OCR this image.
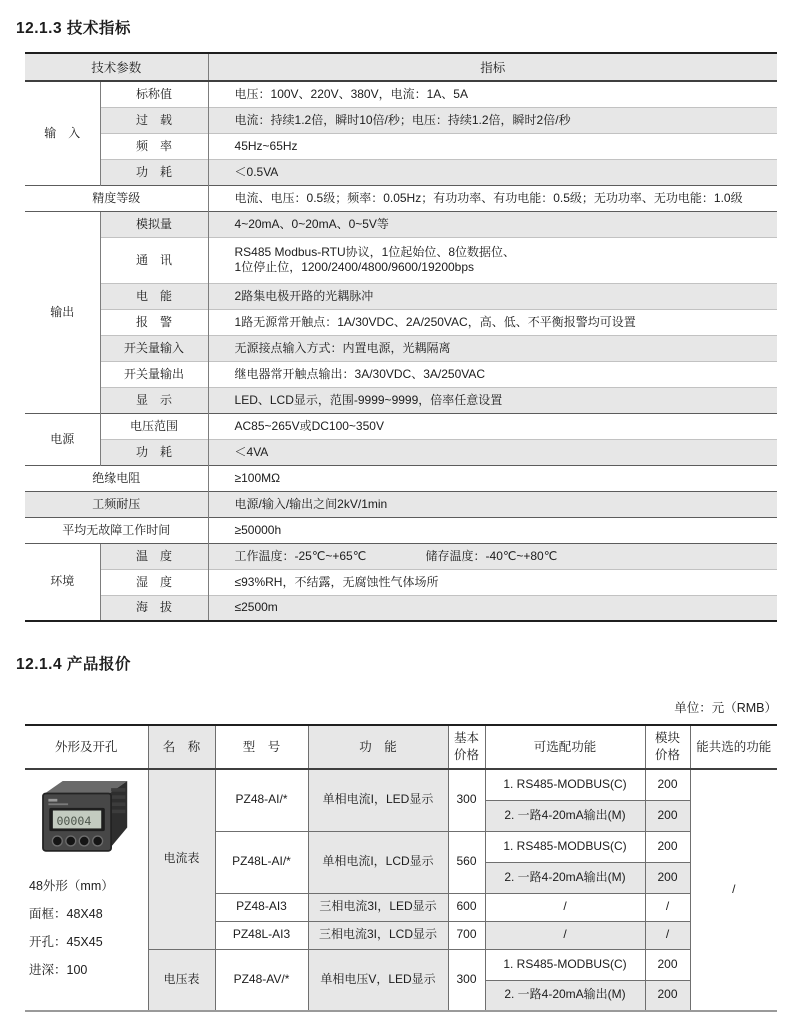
12.1.3 技术指标
技术参数		指标
输　入	标称值	电压：100V、220V、380V，电流：1A、5A
	过　载	电流：持续1.2倍，瞬时10倍/秒；电压：持续1.2倍，瞬时2倍/秒
	频　率	45Hz~65Hz
	功　耗	＜0.5VA
精度等级		电流、电压：0.5级；频率：0.05Hz；有功功率、有功电能：0.5级；无功功率、无功电能：1.0级
输出	模拟量	4~20mA、0~20mA、0~5V等
	通　讯	RS485 Modbus-RTU协议，1位起始位、8位数据位、
1位停止位，1200/2400/4800/9600/19200bps

	电　能	2路集电极开路的光耦脉冲
	报　警	1路无源常开触点：1A/30VDC、2A/250VAC，高、低、不平衡报警均可设置
	开关量输入	无源接点输入方式：内置电源，光耦隔离
	开关量输出	继电器常开触点输出：3A/30VDC、3A/250VAC
	显　示	LED、LCD显示，范围-9999~9999，倍率任意设置
电源	电压范围	AC85~265V或DC100~350V
	功　耗	＜4VA
绝缘电阻		≥100MΩ
工频耐压		电源/输入/输出之间2kV/1min
平均无故障工作时间		≥50000h
环境	温　度	工作温度：-25℃~+65℃ 储存温度：-40℃~+80℃
	湿　度	≤93%RH，不结露，无腐蚀性气体场所
	海　拔	≤2500m
12.1.4 产品报价
单位：元（RMB）
外形及开孔	名　称	型　号	功　能	
基本
价格
	可选配功能	
模块
价格
	能共选的功能

00004
48外形（mm）
面框：48X48
开孔：45X45
进深：100	电流表	PZ48-AI/*	单相电流I，LED显示	300	1. RS485-MODBUS(C)	200	/
					2. 一路4-20mA输出(M)	200	
		PZ48L-AI/*	单相电流I，LCD显示	560	1. RS485-MODBUS(C)	200	
					2. 一路4-20mA输出(M)	200	
		PZ48-AI3	三相电流3I，LED显示	600	/	/	
		PZ48L-AI3	三相电流3I，LCD显示	700	/	/	
	电压表	PZ48-AV/*	单相电压V，LED显示	300	1. RS485-MODBUS(C)	200	
					2. 一路4-20mA输出(M)	200	
